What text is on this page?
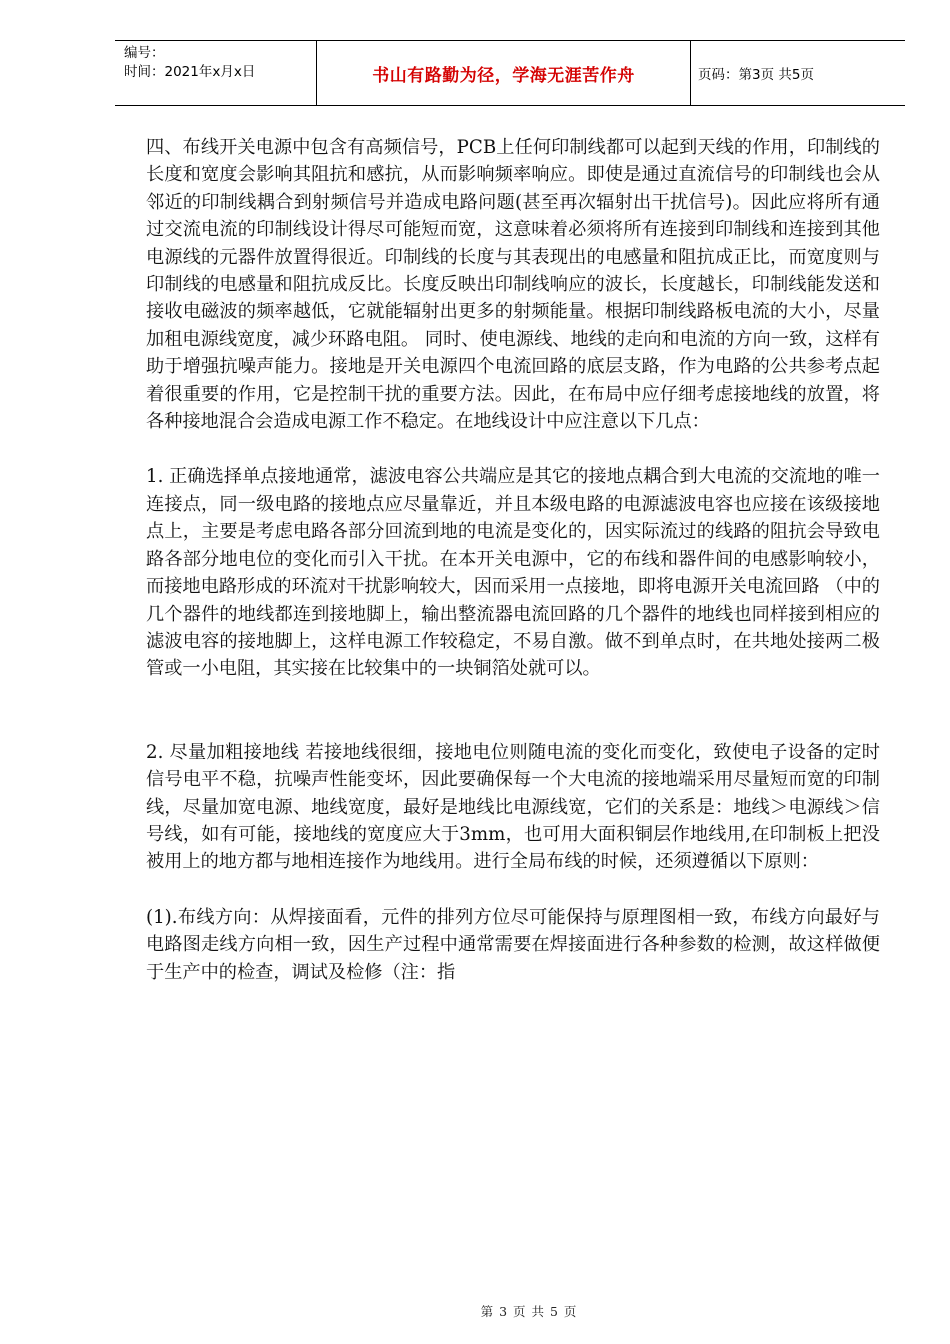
编号：
时间：2021年x月x日	书山有路勤为径，学海无涯苦作舟	页码：第3页 共5页

四、布线开关电源中包含有高频信号，PCB上任何印制线都可以起到天线的作用，印制线的长度和宽度会影响其阻抗和感抗，从而影响频率响应。即使是通过直流信号的印制线也会从邻近的印制线耦合到射频信号并造成电路问题(甚至再次辐射出干扰信号)。因此应将所有通过交流电流的印制线设计得尽可能短而宽，这意味着必须将所有连接到印制线和连接到其他电源线的元器件放置得很近。印制线的长度与其表现出的电感量和阻抗成正比，而宽度则与印制线的电感量和阻抗成反比。长度反映出印制线响应的波长，长度越长，印制线能发送和接收电磁波的频率越低，它就能辐射出更多的射频能量。根据印制线路板电流的大小，尽量加租电源线宽度，减少环路电阻。 同时、使电源线、地线的走向和电流的方向一致，这样有助于增强抗噪声能力。接地是开关电源四个电流回路的底层支路，作为电路的公共参考点起着很重要的作用，它是控制干扰的重要方法。因此，在布局中应仔细考虑接地线的放置，将各种接地混合会造成电源工作不稳定。在地线设计中应注意以下几点：

1. 正确选择单点接地通常，滤波电容公共端应是其它的接地点耦合到大电流的交流地的唯一连接点，同一级电路的接地点应尽量靠近，并且本级电路的电源滤波电容也应接在该级接地点上，主要是考虑电路各部分回流到地的电流是变化的，因实际流过的线路的阻抗会导致电路各部分地电位的变化而引入干扰。在本开关电源中，它的布线和器件间的电感影响较小，而接地电路形成的环流对干扰影响较大，因而采用一点接地，即将电源开关电流回路 （中的几个器件的地线都连到接地脚上，输出整流器电流回路的几个器件的地线也同样接到相应的滤波电容的接地脚上，这样电源工作较稳定，不易自激。做不到单点时，在共地处接两二极管或一小电阻，其实接在比较集中的一块铜箔处就可以。

2. 尽量加粗接地线 若接地线很细，接地电位则随电流的变化而变化，致使电子设备的定时信号电平不稳，抗噪声性能变坏，因此要确保每一个大电流的接地端采用尽量短而宽的印制线，尽量加宽电源、地线宽度，最好是地线比电源线宽，它们的关系是：地线＞电源线＞信号线，如有可能，接地线的宽度应大于3mm，也可用大面积铜层作地线用,在印制板上把没被用上的地方都与地相连接作为地线用。进行全局布线的时候，还须遵循以下原则：

(1).布线方向：从焊接面看，元件的排列方位尽可能保持与原理图相一致，布线方向最好与电路图走线方向相一致，因生产过程中通常需要在焊接面进行各种参数的检测，故这样做便于生产中的检查，调试及检修（注：指

第 3 页 共 5 页
